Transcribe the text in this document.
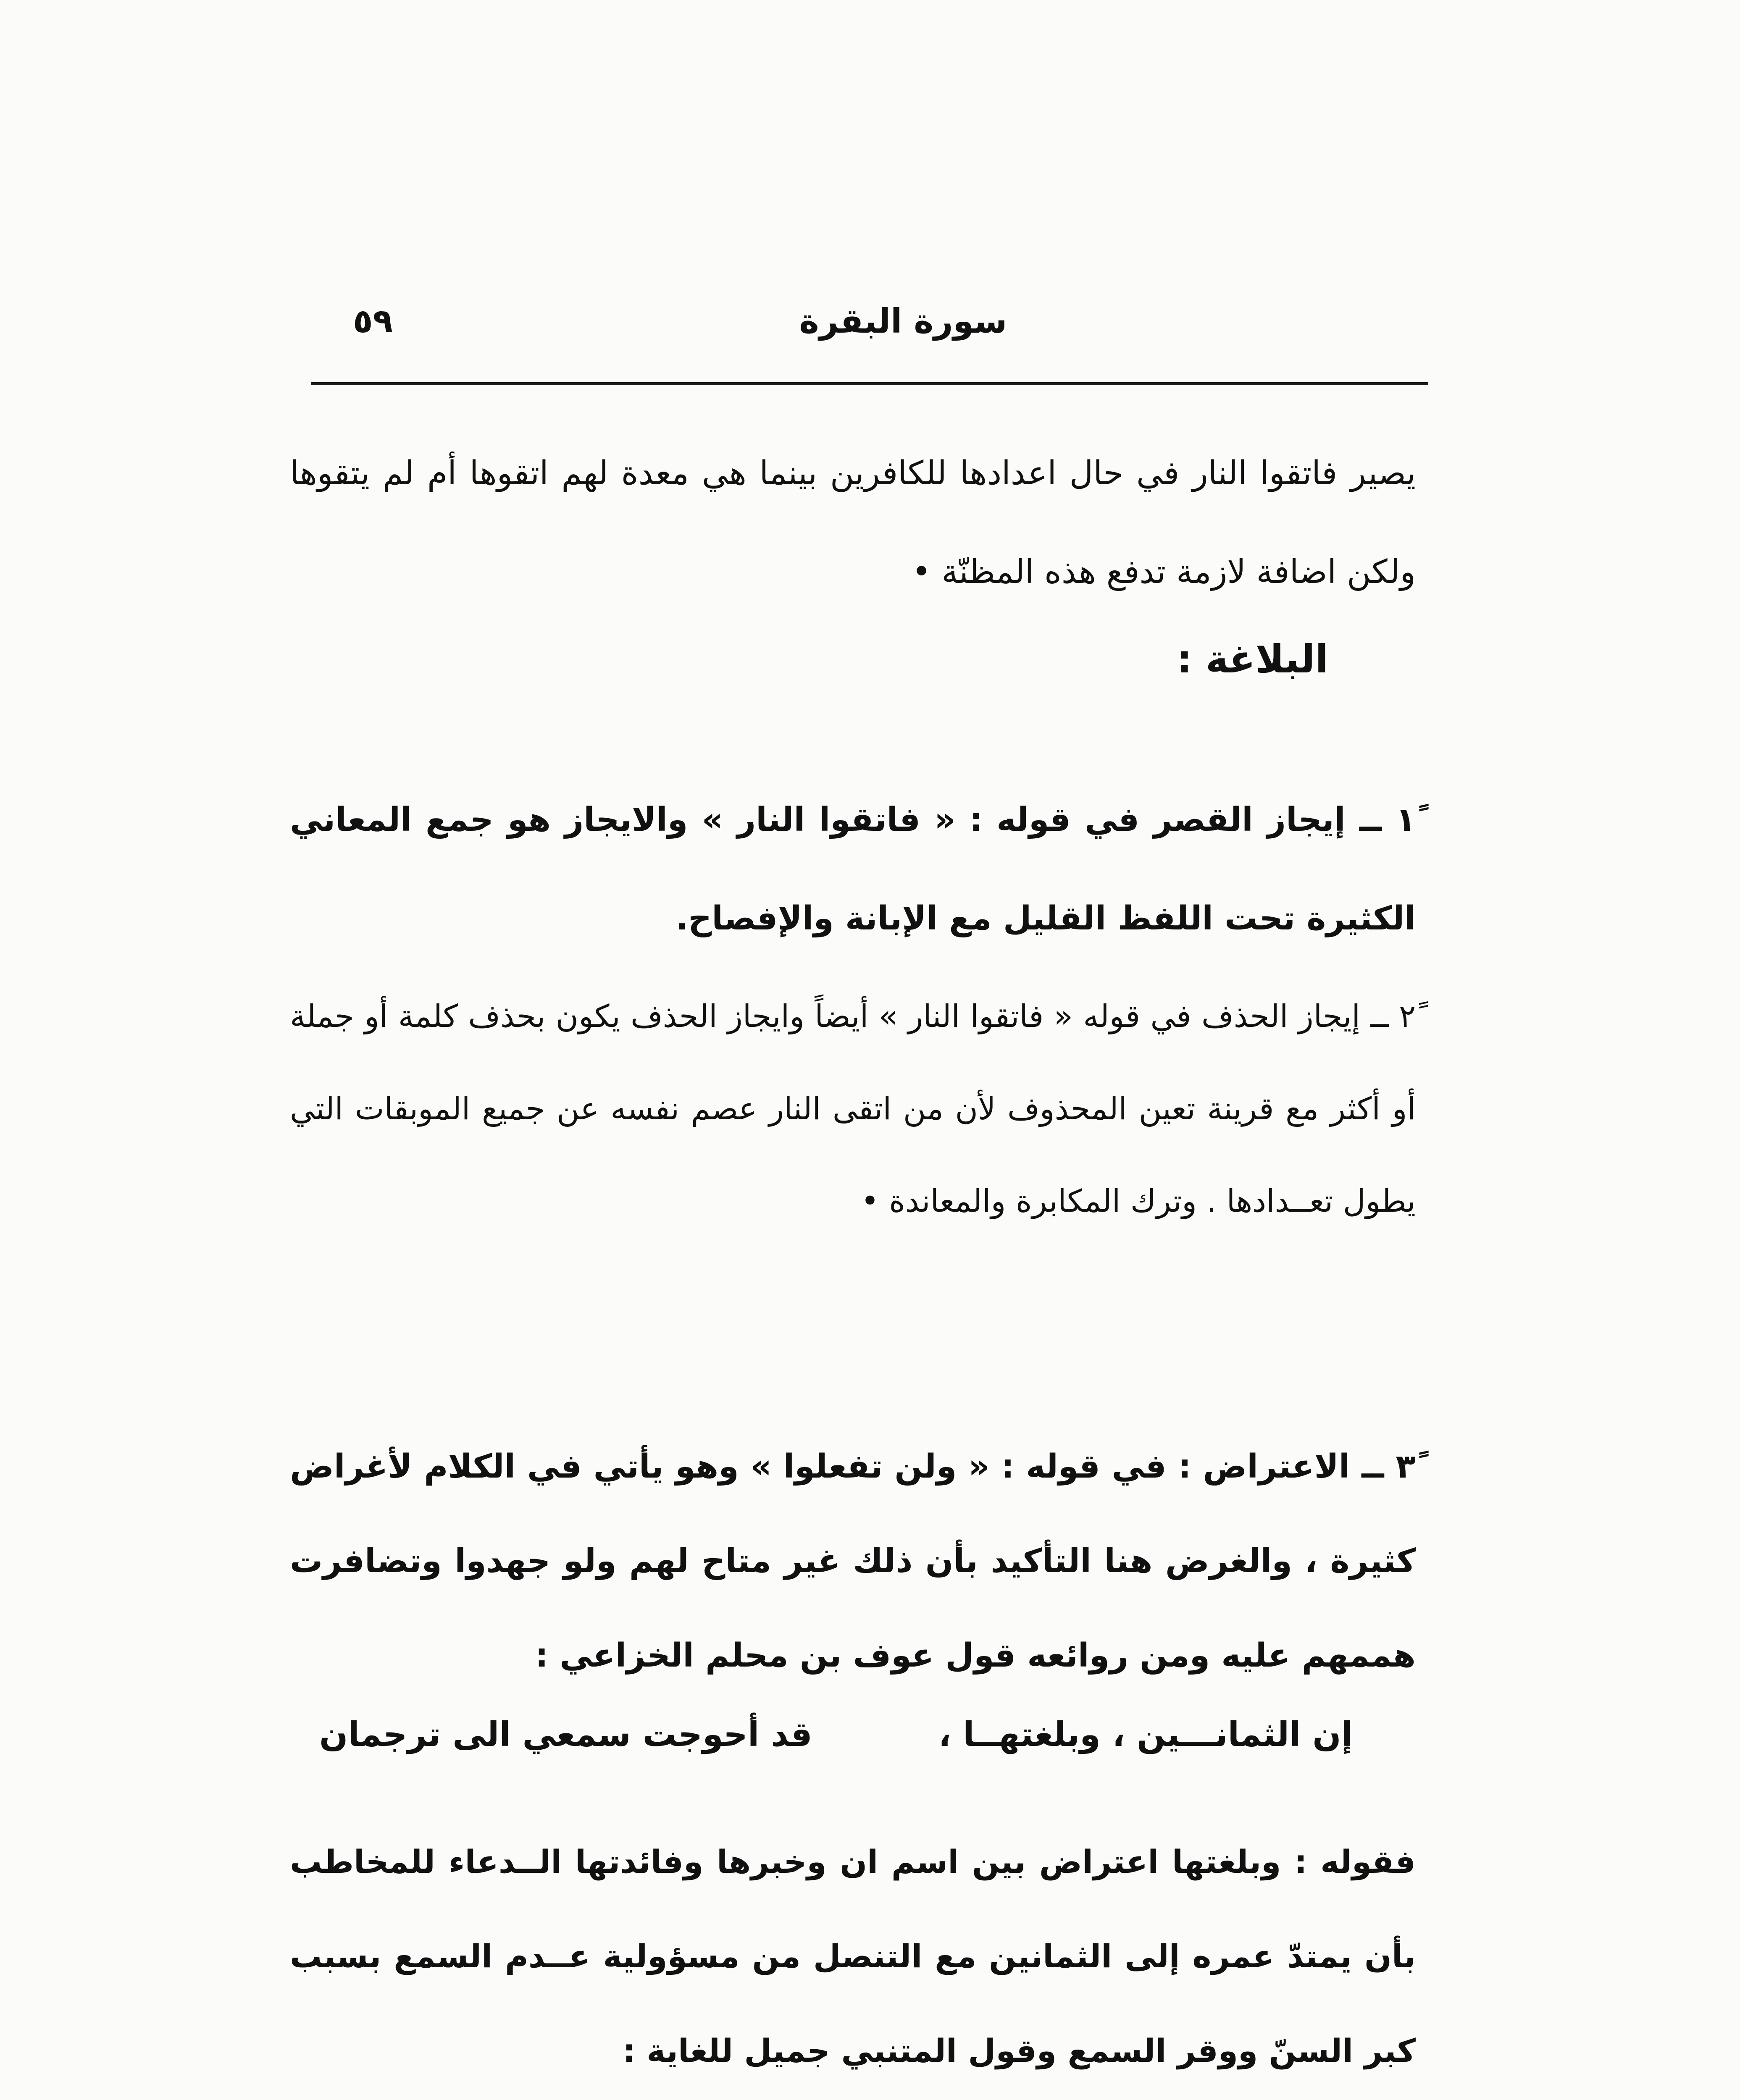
سورة البقرة
٥٩

يصير فاتقوا النار في حال اعدادها للكافرين بينما هي معدة لهم اتقوها أم لم يتقوها ولكن اضافة لازمة تدفع هذه المظنّة •

البلاغة :

١ً ــ إيجاز القصر في قوله : « فاتقوا النار » والايجاز هو جمع المعاني الكثيرة تحت اللفظ القليل مع الإبانة والإفصاح.

٢ً ــ إيجاز الحذف في قوله « فاتقوا النار » أيضاً وايجاز الحذف يكون بحذف كلمة أو جملة أو أكثر مع قرينة تعين المحذوف لأن من اتقى النار عصم نفسه عن جميع الموبقات التي يطول تعــدادها . وترك المكابرة والمعاندة •

٣ً ــ الاعتراض : في قوله : « ولن تفعلوا » وهو يأتي في الكلام لأغراض كثيرة ، والغرض هنا التأكيد بأن ذلك غير متاح لهم ولو جهدوا وتضافرت هممهم عليه ومن روائعه قول عوف بن محلم الخزاعي :

إن الثمانـــين ، وبلغتهــا ،
قد أحوجت سمعي الى ترجمان

فقوله : وبلغتها اعتراض بين اسم ان وخبرها وفائدتها الــدعاء للمخاطب بأن يمتدّ عمره إلى الثمانين مع التنصل من مسؤولية عــدم السمع بسبب كبر السنّ ووقر السمع وقول المتنبي جميل للغاية :
